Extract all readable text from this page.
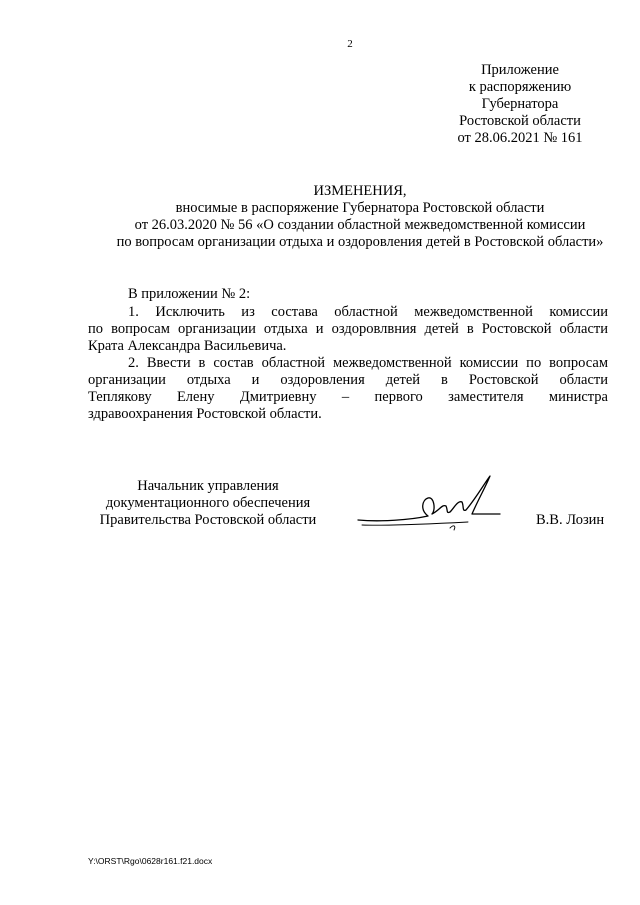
2
Приложение
к распоряжению
Губернатора
Ростовской области
от 28.06.2021 № 161
ИЗМЕНЕНИЯ,
вносимые в распоряжение Губернатора Ростовской области
от 26.03.2020 № 56 «О создании областной межведомственной комиссии
по вопросам организации отдыха и оздоровления детей в Ростовской области»
В приложении № 2:
1. Исключить из состава областной межведомственной комиссии
по вопросам организации отдыха и оздоровлвния детей в Ростовской области
Крата Александра Васильевича.
2. Ввести в состав областной межведомственной комиссии по вопросам
организации отдыха и оздоровления детей в Ростовской области
Теплякову Елену Дмитриевну – первого заместителя министра
здравоохранения Ростовской области.
Начальник управления
документационного обеспечения
Правительства Ростовской области	В.В. Лозин
Y:\ORST\Rgo\0628r161.f21.docx
